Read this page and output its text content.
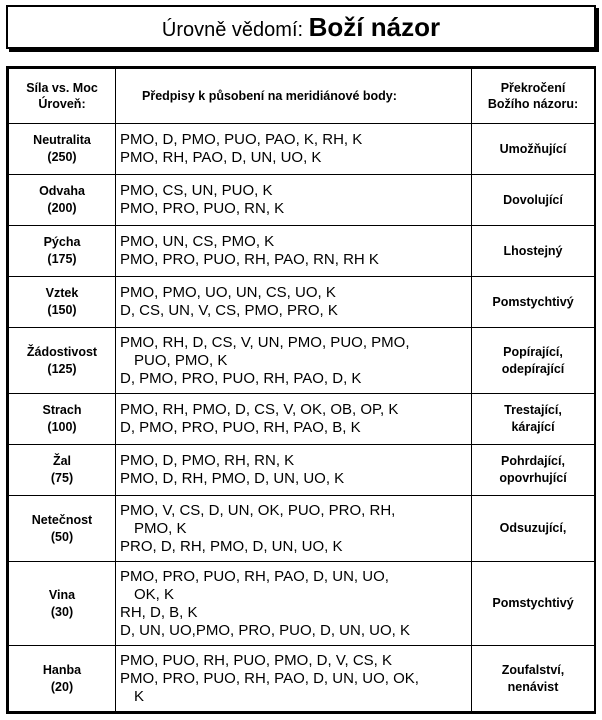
Úrovně vědomí: Boží názor
Síla vs. Moc
Úroveň:	Předpisy k působení na meridiánové body:	Překročení
Božího názoru:

Neutralita
(250)	PMO, D, PMO, PUO, PAO, K, RH, K
PMO, RH, PAO, D, UN, UO, K	Umožňující

Odvaha
(200)	PMO, CS, UN, PUO, K
PMO, PRO, PUO, RN, K	Dovolující

Pýcha
(175)	PMO, UN, CS, PMO, K
PMO, PRO, PUO, RH, PAO, RN, RH K	Lhostejný

Vztek
(150)	PMO, PMO, UO, UN, CS, UO, K
D, CS, UN, V, CS, PMO, PRO, K	Pomstychtivý

Žádostivost
(125)	PMO, RH, D, CS, V, UN, PMO, PUO, PMO,
PUO, PMO, K
D, PMO, PRO, PUO, RH, PAO, D, K	Popírající,
odepírající

Strach
(100)	PMO, RH, PMO, D, CS, V, OK, OB, OP, K
D, PMO, PRO, PUO, RH, PAO, B, K	Trestající,
kárající

Žal
(75)	PMO, D, PMO, RH, RN, K
PMO, D, RH, PMO, D, UN, UO, K	Pohrdající,
opovrhující

Netečnost
(50)	PMO, V, CS, D, UN, OK, PUO, PRO, RH,
PMO, K
PRO, D, RH, PMO, D, UN, UO, K	Odsuzující,

Vina
(30)	PMO, PRO, PUO, RH, PAO, D, UN, UO,
OK, K
RH, D, B, K
D, UN, UO,PMO, PRO, PUO, D, UN, UO, K	Pomstychtivý

Hanba
(20)	PMO, PUO, RH, PUO, PMO, D, V, CS, K
PMO, PRO, PUO, RH, PAO, D, UN, UO, OK,
K	Zoufalství,
nenávist
